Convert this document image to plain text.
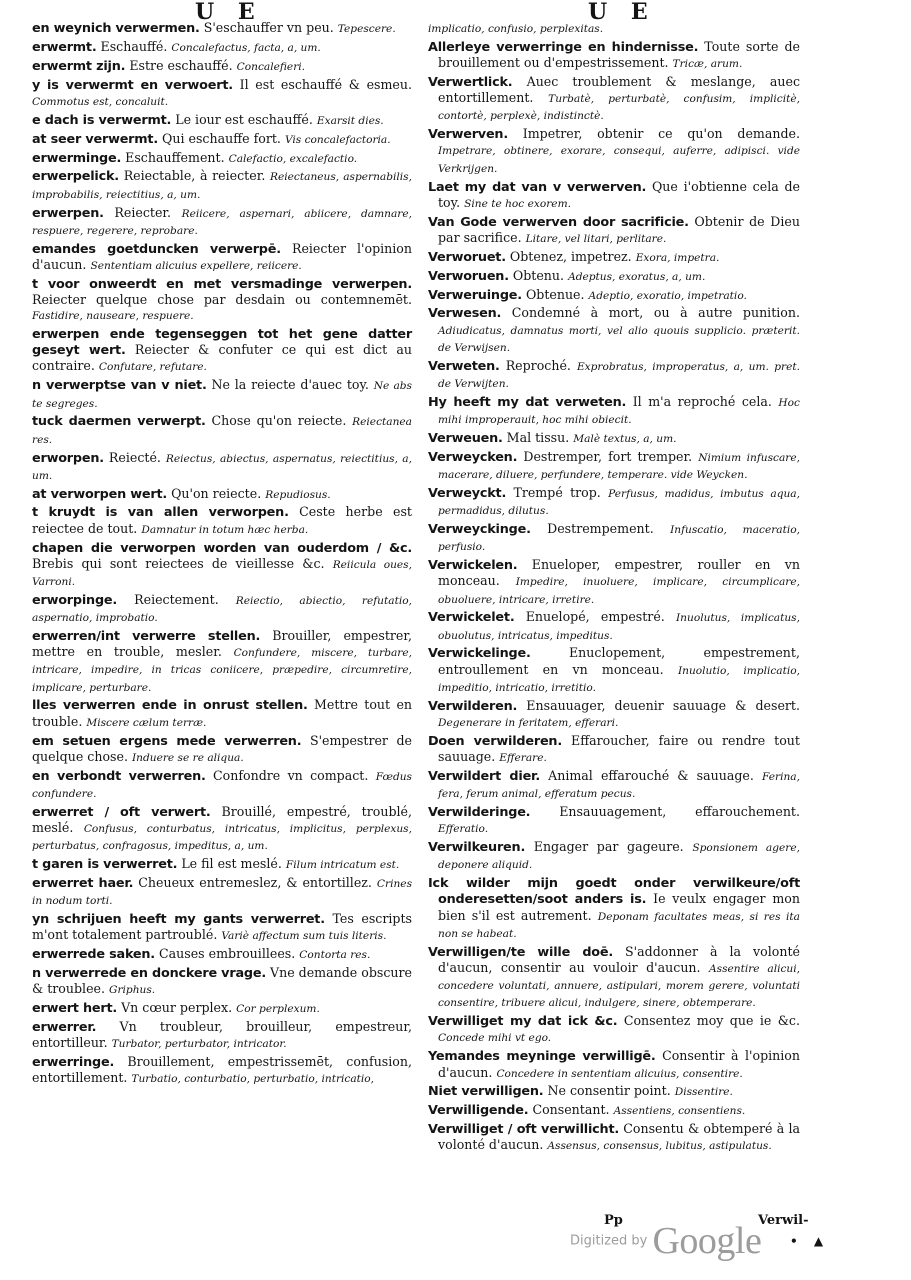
U E	U E

en weynich verwermen. S'eschauffer vn peu. Tepescere.

erwermt. Eschauffé. Concalefactus, facta, a, um.

erwermt zijn. Estre eschauffé. Concalefieri.

y is verwermt en verwoert. Il est eschauffé & esmeu. Commotus est, concaluit.

e dach is verwermt. Le iour est eschauffé. Exarsit dies.

at seer verwermt. Qui eschauffe fort. Vis concalefactoria.

erwerminge. Eschauffement. Calefactio, excalefactio.

erwerpelick. Reiectable, à reiecter. Reiectaneus, aspernabilis, improbabilis, reiectitius, a, um.

erwerpen. Reiecter. Reiicere, aspernari, abiicere, damnare, respuere, regerere, reprobare.

emandes goetduncken verwerpē. Reiecter l'opinion d'aucun. Sententiam alicuius expellere, reiicere.

t voor onweerdt en met versmadinge verwerpen. Reiecter quelque chose par desdain ou contemnemēt. Fastidire, nauseare, respuere.

erwerpen ende tegenseggen tot het gene datter geseyt wert. Reiecter & confuter ce qui est dict au contraire. Confutare, refutare.

n verwerptse van v niet. Ne la reiecte d'auec toy. Ne abs te segreges.

tuck daermen verwerpt. Chose qu'on reiecte. Reiectanea res.

erworpen. Reiecté. Reiectus, abiectus, aspernatus, reiectitius, a, um.

at verworpen wert. Qu'on reiecte. Repudiosus.

t kruydt is van allen verworpen. Ceste herbe est reiectee de tout. Damnatur in totum hæc herba.

chapen die verworpen worden van ouderdom / &c. Brebis qui sont reiectees de vieillesse &c. Reiicula oues, Varroni.

erworpinge. Reiectement. Reiectio, abiectio, refutatio, aspernatio, improbatio.

erwerren/int verwerre stellen. Brouiller, empestrer, mettre en trouble, mesler. Confundere, miscere, turbare, intricare, impedire, in tricas coniicere, præpedire, circumretire, implicare, perturbare.

lles verwerren ende in onrust stellen. Mettre tout en trouble. Miscere cælum terræ.

em setuen ergens mede verwerren. S'empestrer de quelque chose. Induere se re aliqua.

en verbondt verwerren. Confondre vn compact. Fœdus confundere.

erwerret / oft verwert. Brouillé, empestré, troublé, meslé. Confusus, conturbatus, intricatus, implicitus, perplexus, perturbatus, confragosus, impeditus, a, um.

t garen is verwerret. Le fil est meslé. Filum intricatum est.

erwerret haer. Cheueux entremeslez, & entortillez. Crines in nodum torti.

yn schrijuen heeft my gants verwerret. Tes escripts m'ont totalement partroublé. Variè affectum sum tuis literis.

erwerrede saken. Causes embrouillees. Contorta res.

n verwerrede en donckere vrage. Vne demande obscure & troublee. Griphus.

erwert hert. Vn cœur perplex. Cor perplexum.

erwerrer. Vn troubleur, brouilleur, empestreur, entortilleur. Turbator, perturbator, intricator.

erwerringe. Brouillement, empestrissemēt, confusion, entortillement. Turbatio, conturbatio, perturbatio, intricatio,

implicatio, confusio, perplexitas.

Allerleye verwerringe en hindernisse. Toute sorte de brouillement ou d'empestrissement. Tricæ, arum.

Verwertlick. Auec troublement & meslange, auec entortillement. Turbatè, perturbatè, confusim, implicitè, contortè, perplexè, indistinctè.

Verwerven. Impetrer, obtenir ce qu'on demande. Impetrare, obtinere, exorare, consequi, auferre, adipisci. vide Verkrijgen.

Laet my dat van v verwerven. Que i'obtienne cela de toy. Sine te hoc exorem.

Van Gode verwerven door sacrificie. Obtenir de Dieu par sacrifice. Litare, vel litari, perlitare.

Verworuet. Obtenez, impetrez. Exora, impetra.

Verworuen. Obtenu. Adeptus, exoratus, a, um.

Verweruinge. Obtenue. Adeptio, exoratio, impetratio.

Verwesen. Condemné à mort, ou à autre punition. Adiudicatus, damnatus morti, vel alio quouis supplicio. præterit. de Verwijsen.

Verweten. Reproché. Exprobratus, improperatus, a, um. pret. de Verwijten.

Hy heeft my dat verweten. Il m'a reproché cela. Hoc mihi improperauit, hoc mihi obiecit.

Verweuen. Mal tissu. Malè textus, a, um.

Verweycken. Destremper, fort tremper. Nimium infuscare, macerare, diluere, perfundere, temperare. vide Weycken.

Verweyckt. Trempé trop. Perfusus, madidus, imbutus aqua, permadidus, dilutus.

Verweyckinge. Destrempement. Infuscatio, maceratio, perfusio.

Verwickelen. Enueloper, empestrer, rouller en vn monceau. Impedire, inuoluere, implicare, circumplicare, obuoluere, intricare, irretire.

Verwickelet. Enuelopé, empestré. Inuolutus, implicatus, obuolutus, intricatus, impeditus.

Verwickelinge.	Enuclopement, empestrement, entroullement en vn monceau. Inuolutio, implicatio, impeditio, intricatio, irretitio.

Verwilderen. Ensauuager, deuenir sauuage & desert. Degenerare in feritatem, efferari.

Doen verwilderen. Effaroucher, faire ou rendre tout sauuage. Efferare.

Verwildert dier. Animal effarouché & sauuage. Ferina, fera, ferum animal, efferatum pecus.

Verwilderinge. Ensauuagement, effarouchement. Efferatio.

Verwilkeuren. Engager par gageure. Sponsionem agere, deponere aliquid.

Ick wilder mijn goedt onder verwilkeure/oft onderesetten/soot anders is. Ie veulx engager mon bien s'il est autrement. Deponam facultates meas, si res ita non se habeat.

Verwilligen/te wille doē. S'addonner à la volonté d'aucun, consentir au vouloir d'aucun. Assentire alicui, concedere voluntati, annuere, astipulari, morem gerere, voluntati consentire, tribuere alicui, indulgere, sinere, obtemperare.

Verwilliget my dat ick &c. Consentez moy que ie &c. Concede mihi vt ego.

Yemandes meyninge verwilligē. Consentir à l'opinion d'aucun. Concedere in sententiam alicuius, consentire.

Niet verwilligen. Ne consentir point. Dissentire.

Verwilligende. Consentant. Assentiens, consentiens.

Verwilliget / oft verwillicht. Consentu & obtemperé à la volonté d'aucun. Assensus, consensus, lubitus, astipulatus.

Pp	Verwil-
Digitized by Google • ▲
